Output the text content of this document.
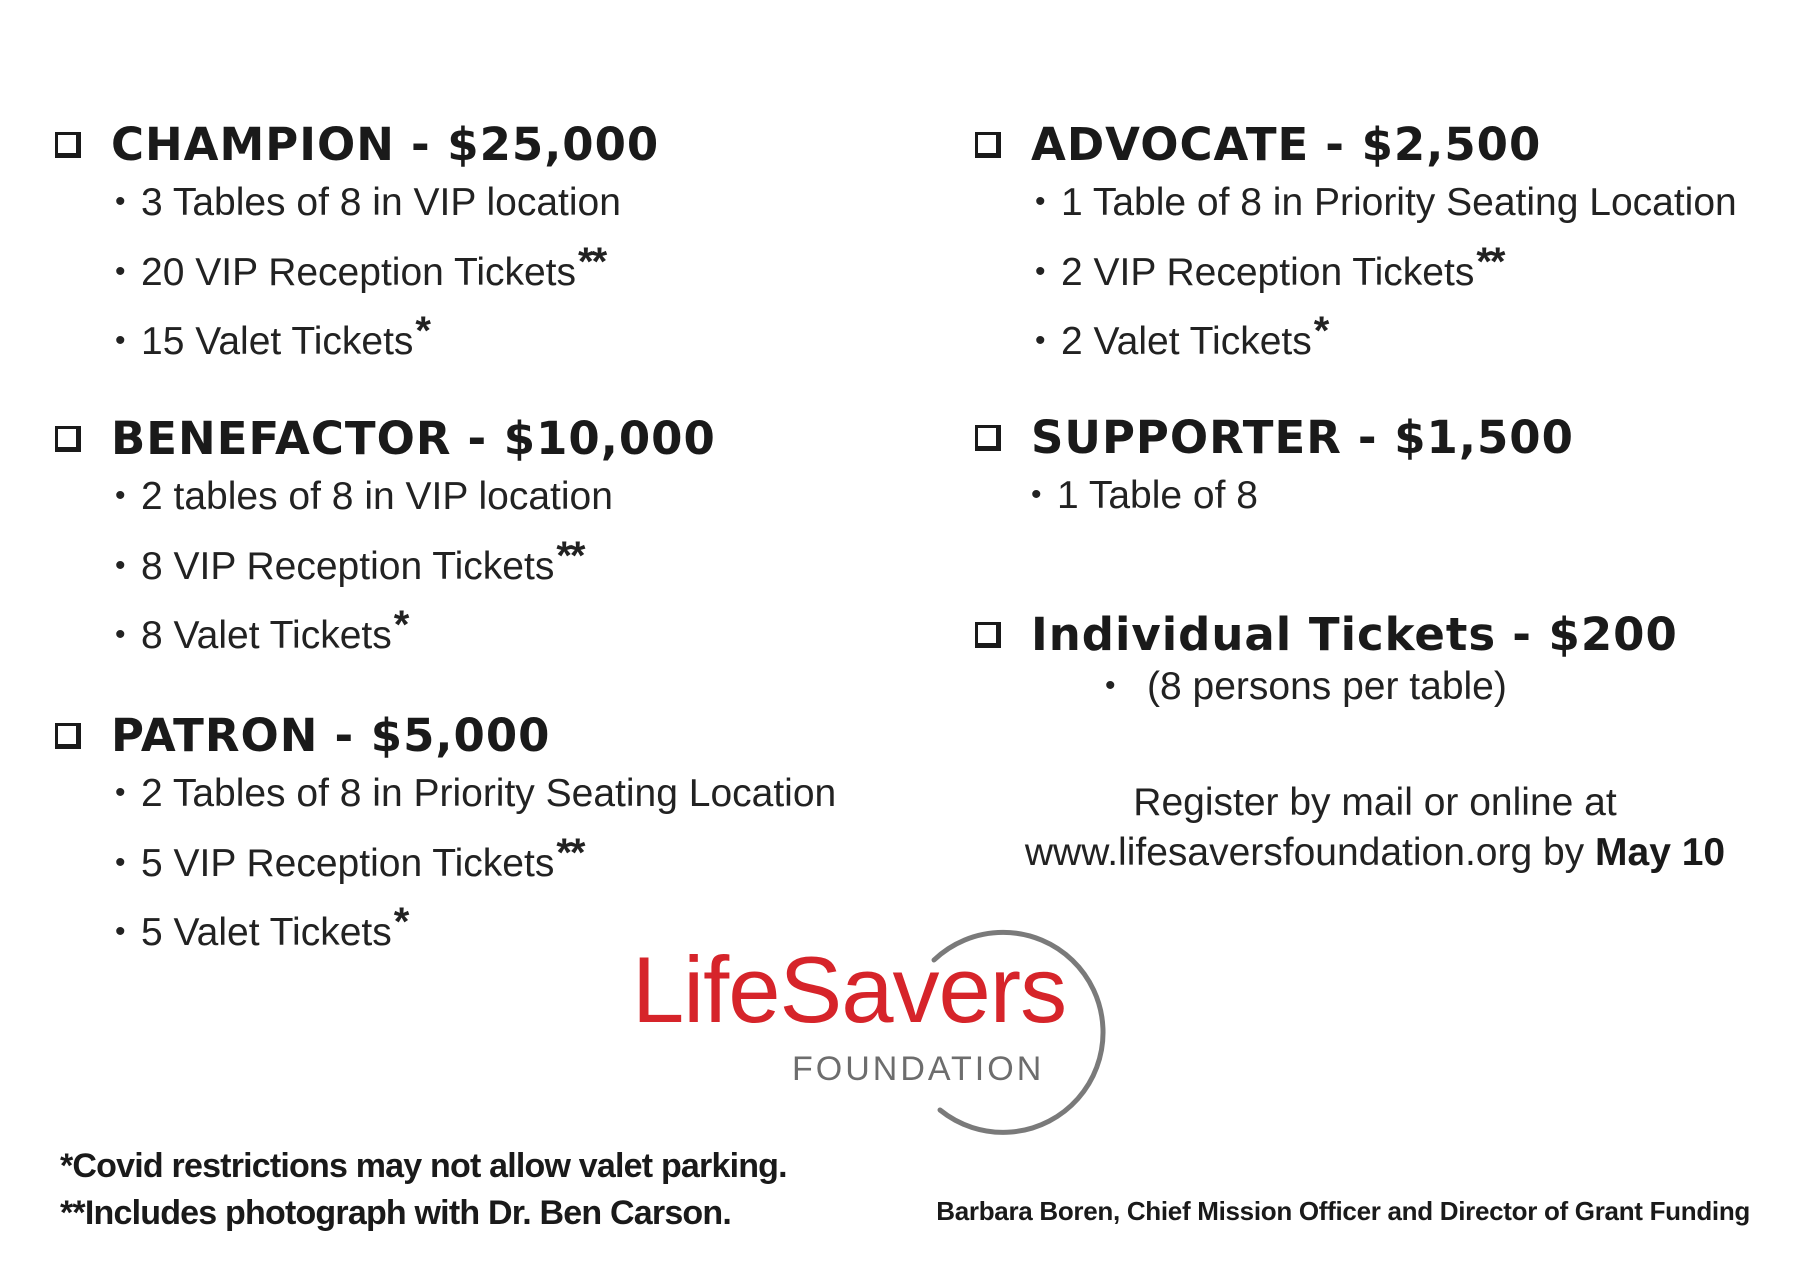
CHAMPION - $25,000
• 3 Tables of 8 in VIP location
• 20 VIP Reception Tickets**
• 15 Valet Tickets*
BENEFACTOR - $10,000
• 2 tables of 8 in VIP location
• 8 VIP Reception Tickets**
• 8 Valet Tickets*
PATRON - $5,000
• 2 Tables of 8 in Priority Seating Location
• 5 VIP Reception Tickets**
• 5 Valet Tickets*
ADVOCATE - $2,500
• 1 Table of 8 in Priority Seating Location
• 2 VIP Reception Tickets**
• 2 Valet Tickets*
SUPPORTER - $1,500
• 1 Table of 8
Individual Tickets - $200
• (8 persons per table)
Register by mail or online at
www.lifesaversfoundation.org by May 10
LifeSavers
FOUNDATION
*Covid restrictions may not allow valet parking.
**Includes photograph with Dr. Ben Carson.	Barbara Boren, Chief Mission Officer and Director of Grant Funding
